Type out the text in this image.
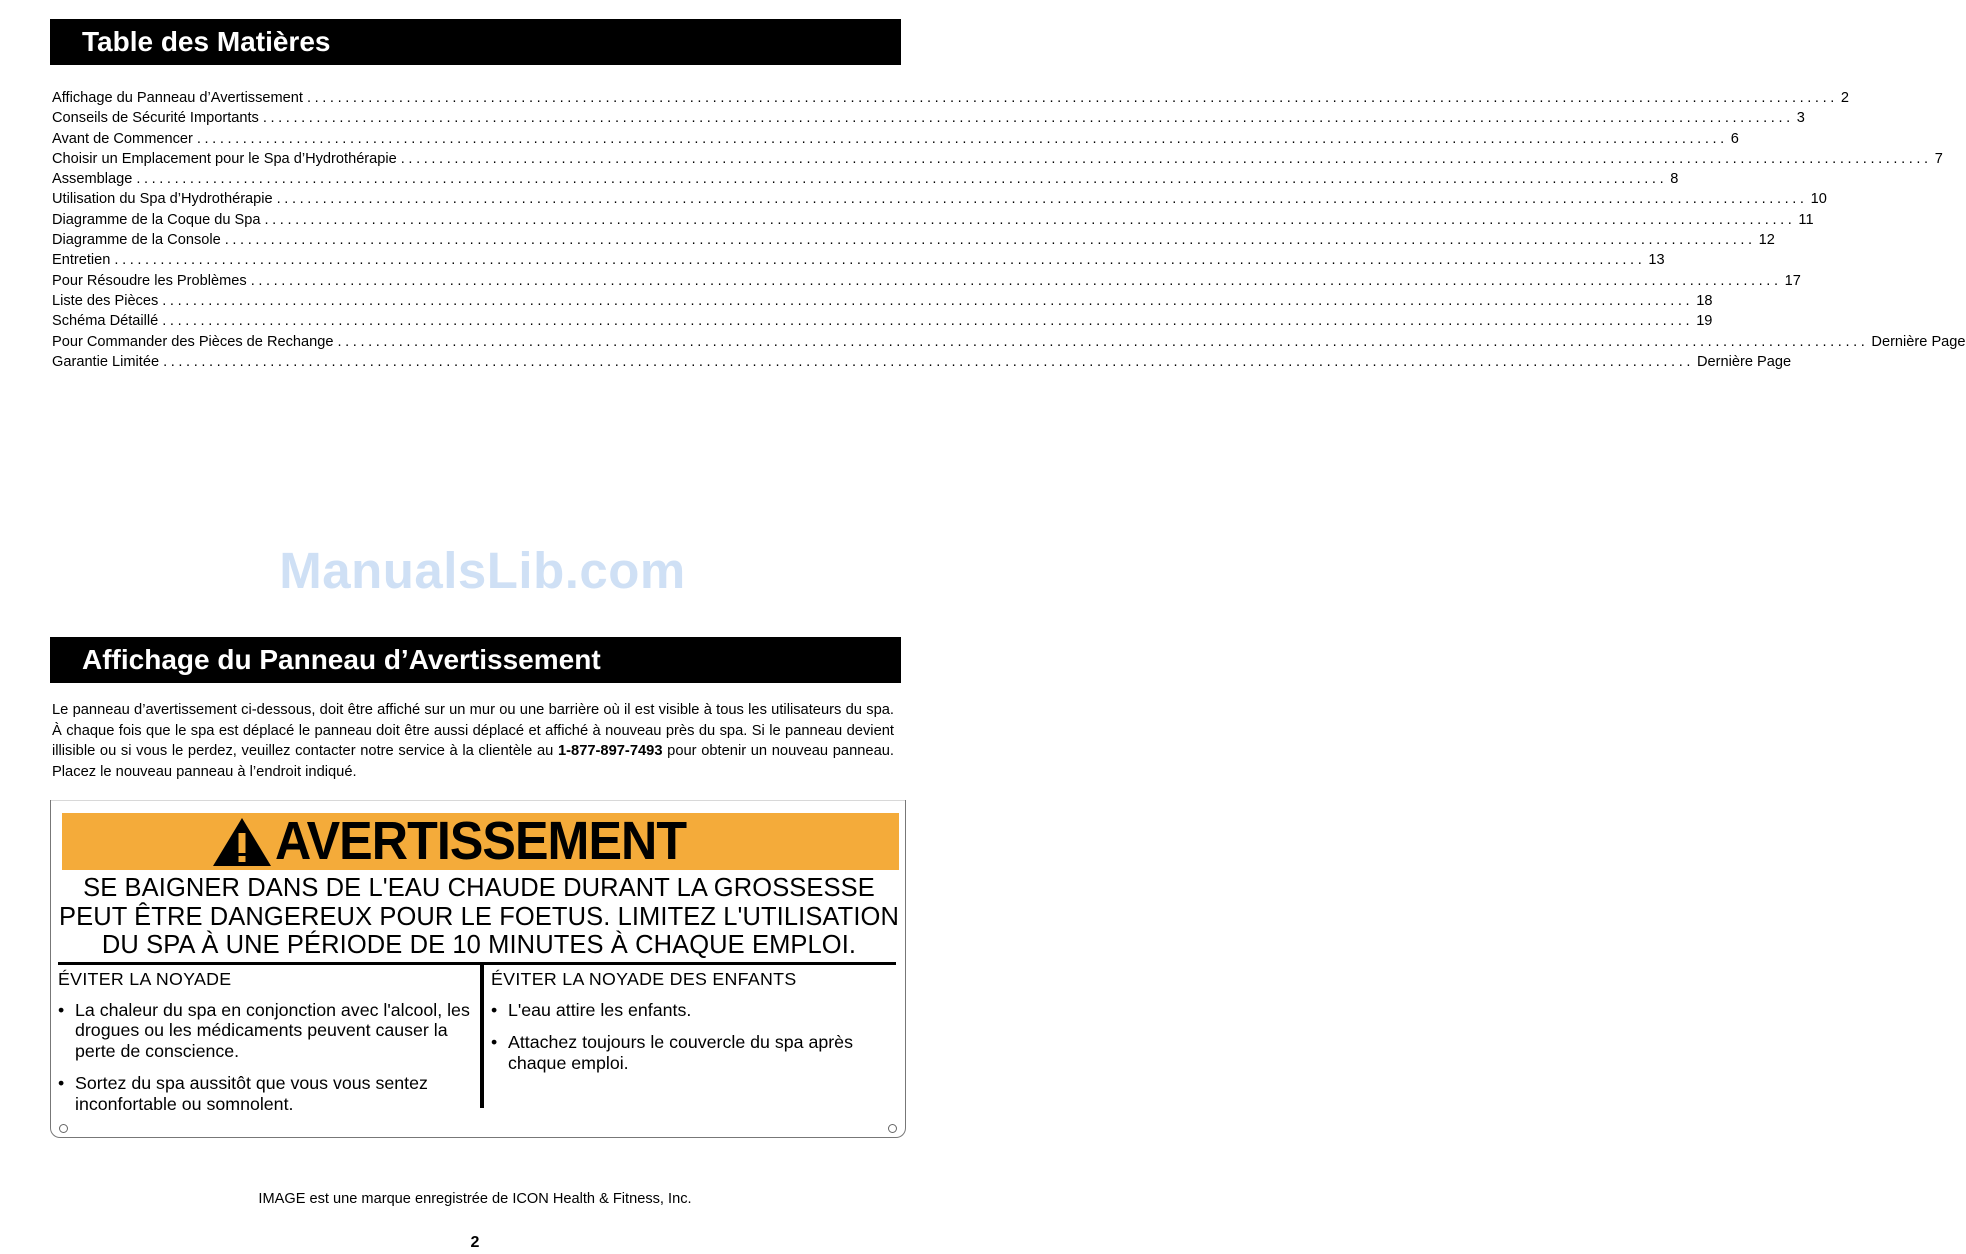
Table des Matières
Affichage du Panneau d’Avertissement ........................................................................................................................................................................................................ 2
Conseils de Sécurité Importants ........................................................................................................................................................................................................ 3
Avant de Commencer ........................................................................................................................................................................................................ 6
Choisir un Emplacement pour le Spa d’Hydrothérapie ........................................................................................................................................................................................................ 7
Assemblage ........................................................................................................................................................................................................ 8
Utilisation du Spa d’Hydrothérapie ........................................................................................................................................................................................................ 10
Diagramme de la Coque du Spa ........................................................................................................................................................................................................ 11
Diagramme de la Console ........................................................................................................................................................................................................ 12
Entretien ........................................................................................................................................................................................................ 13
Pour Résoudre les Problèmes ........................................................................................................................................................................................................ 17
Liste des Pièces ........................................................................................................................................................................................................ 18
Schéma Détaillé ........................................................................................................................................................................................................ 19
Pour Commander des Pièces de Rechange ........................................................................................................................................................................................................ Dernière Page
Garantie Limitée ........................................................................................................................................................................................................ Dernière Page
ManualsLib.com
Affichage du Panneau d’Avertissement
Le panneau d’avertissement ci-dessous, doit être affiché sur un mur ou une barrière où il est visible à tous les utilisateurs du spa. À chaque fois que le spa est déplacé le panneau doit être aussi déplacé et affiché à nouveau près du spa. Si le panneau devient illisible ou si vous le perdez, veuillez contacter notre service à la clientèle au 1-877-897-7493 pour obtenir un nouveau panneau. Placez le nouveau panneau à l’endroit indiqué.
AVERTISSEMENT
SE BAIGNER DANS DE L'EAU CHAUDE DURANT LA GROSSESSE
PEUT ÊTRE DANGEREUX POUR LE FOETUS. LIMITEZ L'UTILISATION
DU SPA À UNE PÉRIODE DE 10 MINUTES À CHAQUE EMPLOI.
ÉVITER LA NOYADE
• La chaleur du spa en conjonction avec l'alcool, les drogues ou les médicaments peuvent causer la perte de conscience.
• Sortez du spa aussitôt que vous vous sentez inconfortable ou somnolent.
ÉVITER LA NOYADE DES ENFANTS
• L'eau attire les enfants.
• Attachez toujours le couvercle du spa après chaque emploi.
IMAGE est une marque enregistrée de ICON Health & Fitness, Inc.
2
